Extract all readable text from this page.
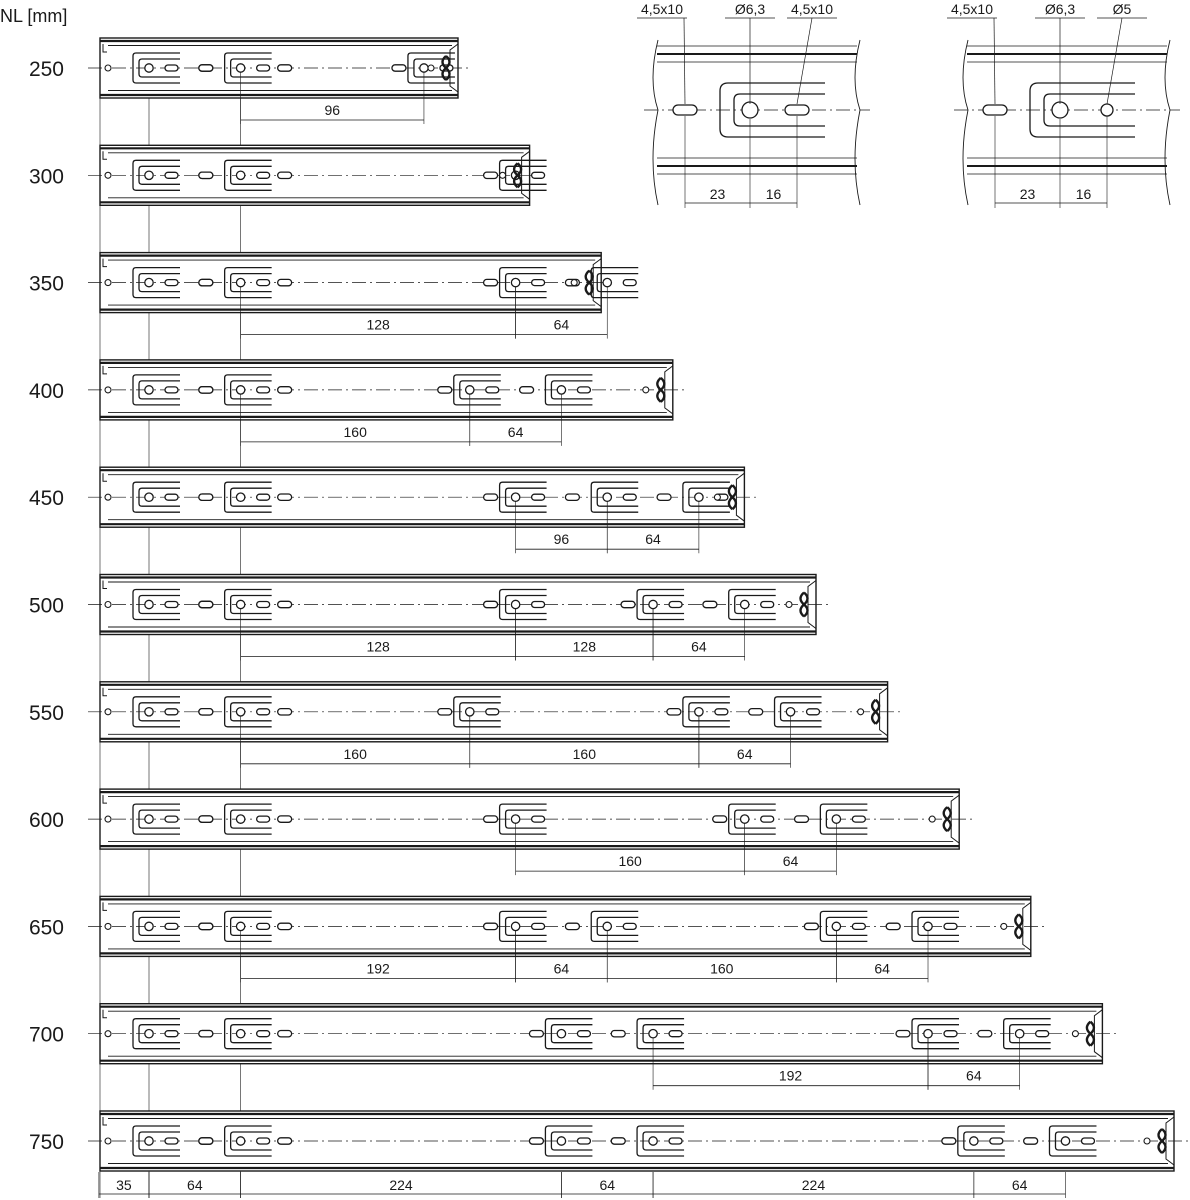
NL [mm]
250
96
300
350
128	64
400
160	64
450
96	64
500
128	128	64
550
160	160	64
600
160	64
650
192	64	160	64
700
192	64
750
4,5x10	Ø6,3 4,5x10
23	16
4,5x10	Ø6,3	Ø5
23	16
35	64	224	64	224	64
